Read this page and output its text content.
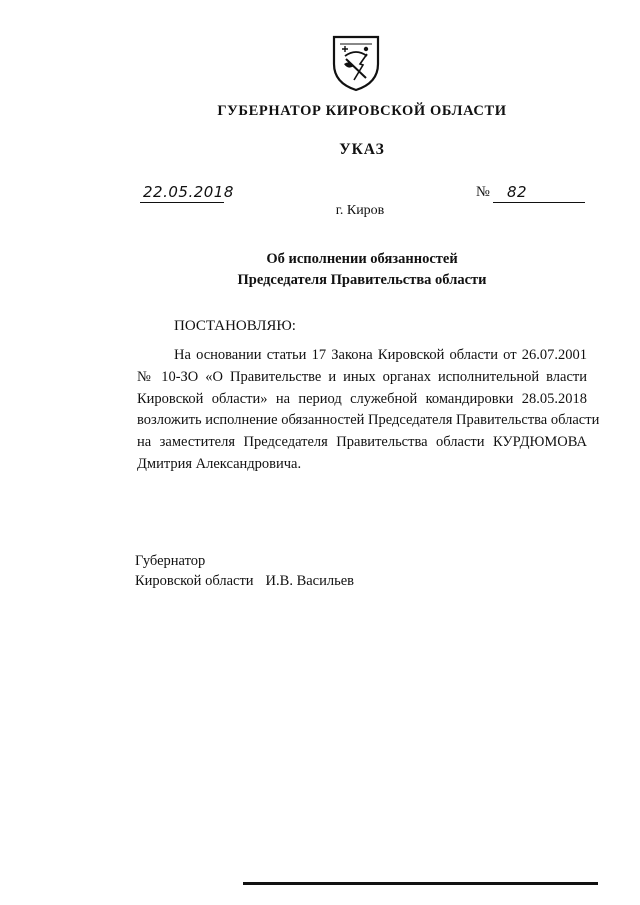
ГУБЕРНАТОР КИРОВСКОЙ ОБЛАСТИ
УКАЗ
22.05.2018	№ 82
г. Киров
Об исполнении обязанностей
Председателя Правительства области
ПОСТАНОВЛЯЮ:
На основании статьи 17 Закона Кировской области от 26.07.2001
№ 10-ЗО «О Правительстве и иных органах исполнительной власти
Кировской области» на период служебной командировки 28.05.2018
возложить исполнение обязанностей Председателя Правительства области
на заместителя Председателя Правительства области КУРДЮМОВА
Дмитрия Александровича.
Губернатор
Кировской области И.В. Васильев
